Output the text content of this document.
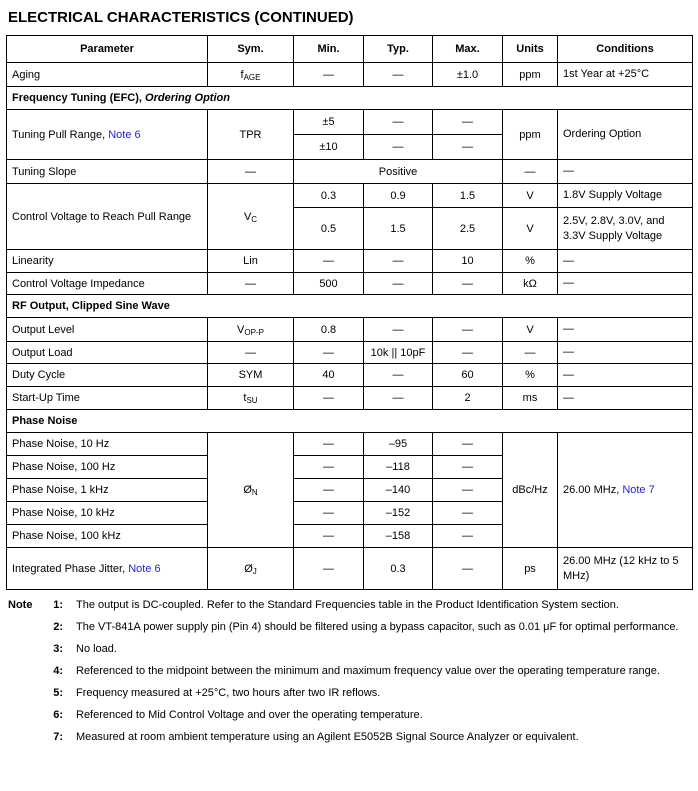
ELECTRICAL CHARACTERISTICS (CONTINUED)
Parameter	Sym.	Min.	Typ.	Max.	Units	Conditions
Aging	$f_{AGE}$	—	—	±1.0	ppm	1st Year at +25°C
Frequency Tuning (EFC), Ordering Option						
Tuning Pull Range, Note 6	TPR	±5	—	—	ppm	Ordering Option
		±10	—	—		
Tuning Slope	—	Positive			—	—
Control Voltage to Reach Pull Range	$V_C$	0.3	0.9	1.5	V	1.8V Supply Voltage
		0.5	1.5	2.5	V	2.5V, 2.8V, 3.0V, and 3.3V Supply Voltage
Linearity	Lin	—	—	10	%	—
Control Voltage Impedance	—	500	—	—	kΩ	—
RF Output, Clipped Sine Wave						
Output Level	$V_{OP-P}$	0.8	—	—	V	—
Output Load	—	—	10k || 10pF	—	—	—
Duty Cycle	SYM	40	—	60	%	—
Start-Up Time	$t_{SU}$	—	—	2	ms	—
Phase Noise						
Phase Noise, 10 Hz	$Ø_N$	—	–95	—	dBc/Hz	26.00 MHz, Note 7
Phase Noise, 100 Hz		—	–118	—		
Phase Noise, 1 kHz		—	–140	—		
Phase Noise, 10 kHz		—	–152	—		
Phase Noise, 100 kHz		—	–158	—		
Integrated Phase Jitter, Note 6	$Ø_J$	—	0.3	—	ps	26.00 MHz (12 kHz to 5 MHz)
Note	1:	The output is DC-coupled. Refer to the Standard Frequencies table in the Product Identification System section.
2:	The VT-841A power supply pin (Pin 4) should be filtered using a bypass capacitor, such as 0.01 μF for optimal performance.
3:	No load.
4:	Referenced to the midpoint between the minimum and maximum frequency value over the operating temperature range.
5:	Frequency measured at +25°C, two hours after two IR reflows.
6:	Referenced to Mid Control Voltage and over the operating temperature.
7:	Measured at room ambient temperature using an Agilent E5052B Signal Source Analyzer or equivalent.
